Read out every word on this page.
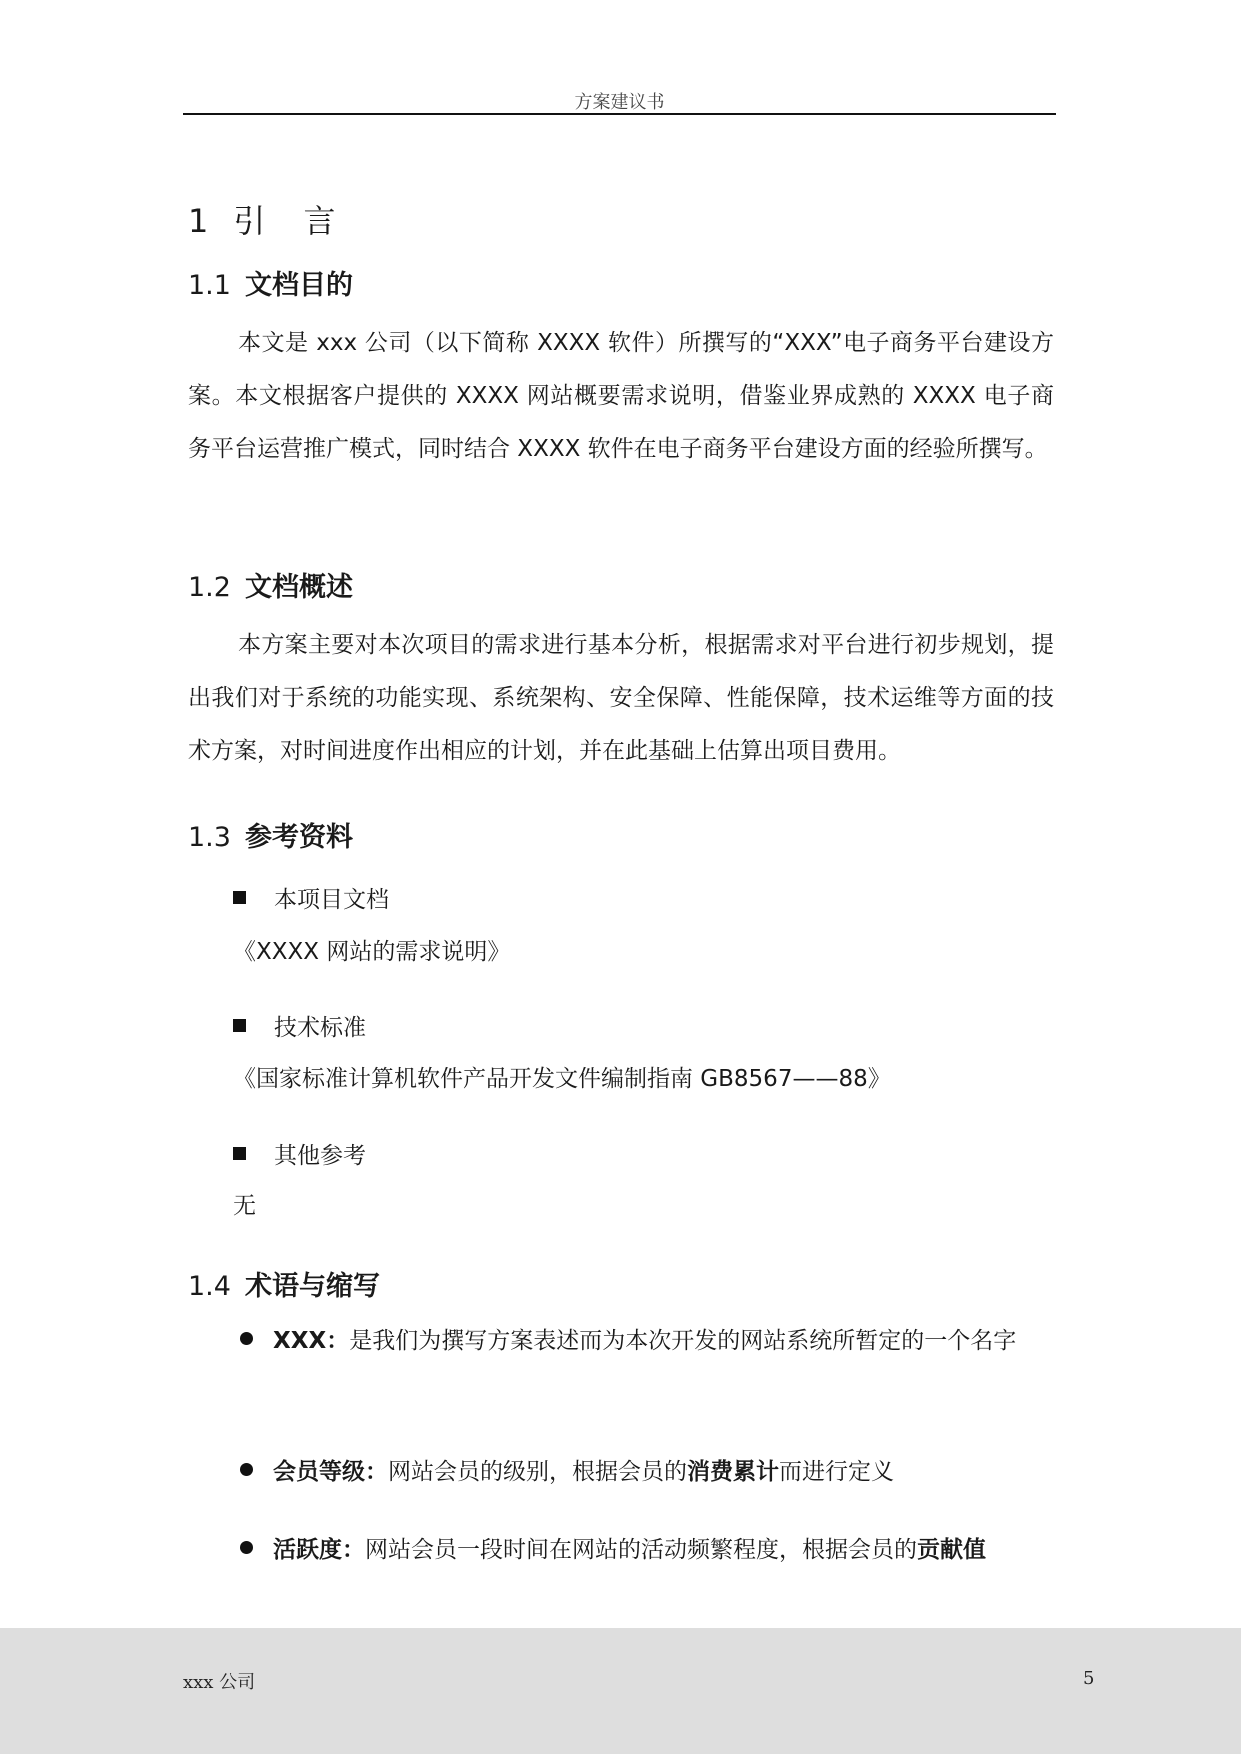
方案建议书
1 引 言
1.1 文档目的
本文是 xxx 公司（以下简称 XXXX 软件）所撰写的“XXX”电子商务平台建设方案。本文根据客户提供的 XXXX 网站概要需求说明，借鉴业界成熟的 XXXX 电子商务平台运营推广模式，同时结合 XXXX 软件在电子商务平台建设方面的经验所撰写。
1.2 文档概述
本方案主要对本次项目的需求进行基本分析，根据需求对平台进行初步规划，提出我们对于系统的功能实现、系统架构、安全保障、性能保障，技术运维等方面的技术方案，对时间进度作出相应的计划，并在此基础上估算出项目费用。
1.3 参考资料
本项目文档
《XXXX 网站的需求说明》
技术标准
《国家标准计算机软件产品开发文件编制指南 GB8567——88》
其他参考
无
1.4 术语与缩写
XXX：是我们为撰写方案表述而为本次开发的网站系统所暂定的一个名字
会员等级：网站会员的级别，根据会员的消费累计而进行定义
活跃度：网站会员一段时间在网站的活动频繁程度，根据会员的贡献值
xxx 公司	5
